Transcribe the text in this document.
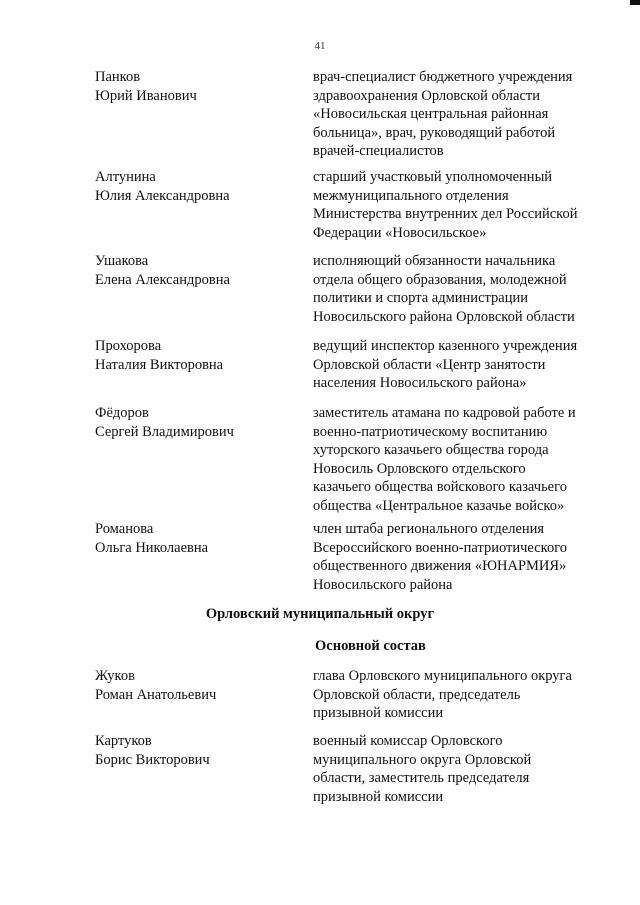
41
Панков
Юрий Иванович
врач-специалист бюджетного учреждения
здравоохранения Орловской области
«Новосильская центральная районная
больница», врач, руководящий работой
врачей-специалистов
Алтунина
Юлия Александровна
старший участковый уполномоченный
межмуниципального отделения
Министерства внутренних дел Российской
Федерации «Новосильское»
Ушакова
Елена Александровна
исполняющий обязанности начальника
отдела общего образования, молодежной
политики и спорта администрации
Новосильского района Орловской области
Прохорова
Наталия Викторовна
ведущий инспектор казенного учреждения
Орловской области «Центр занятости
населения Новосильского района»
Фёдоров
Сергей Владимирович
заместитель атамана по кадровой работе и
военно-патриотическому воспитанию
хуторского казачьего общества города
Новосиль Орловского отдельского
казачьего общества войскового казачьего
общества «Центральное казачье войско»
Романова
Ольга Николаевна
член штаба регионального отделения
Всероссийского военно-патриотического
общественного движения «ЮНАРМИЯ»
Новосильского района
Орловский муниципальный округ
Основной состав
Жуков
Роман Анатольевич
глава Орловского муниципального округа
Орловской области, председатель
призывной комиссии
Картуков
Борис Викторович
военный комиссар Орловского
муниципального округа Орловской
области, заместитель председателя
призывной комиссии
